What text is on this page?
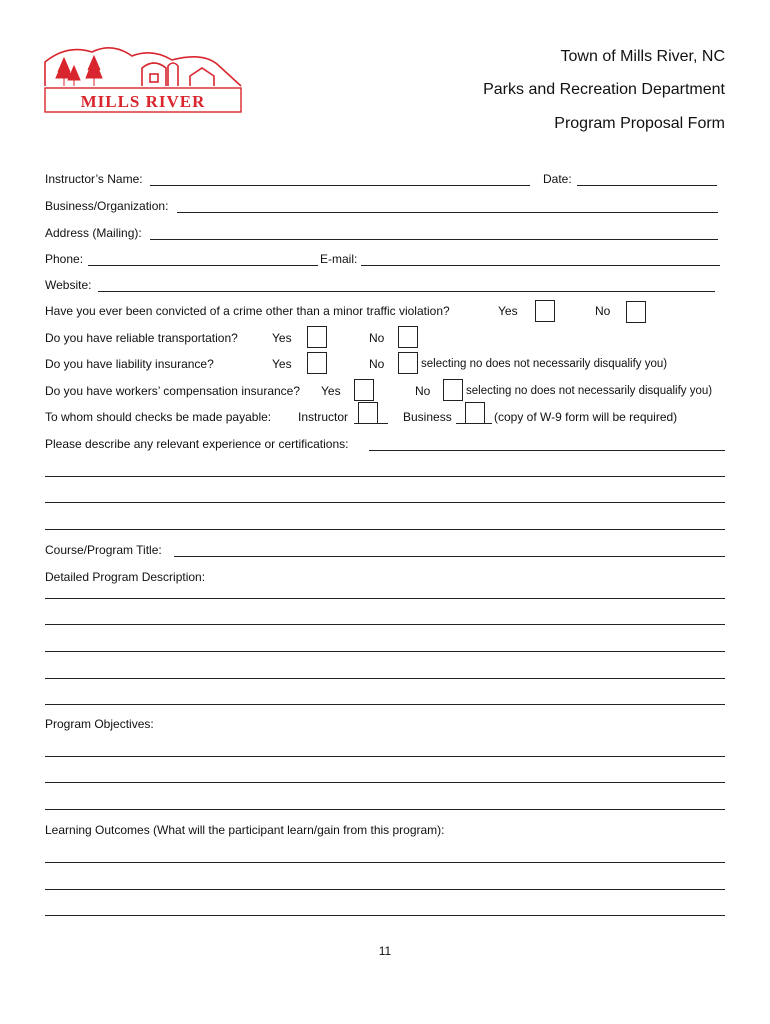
MILLS RIVER
Town of Mills River, NC
Parks and Recreation Department
Program Proposal Form
Instructor’s Name:	Date:
Business/Organization:
Address (Mailing):
Phone:	E-mail:
Website:
Have you ever been convicted of a crime other than a minor traffic violation?	Yes	No
Do you have reliable transportation?	Yes	No
Do you have liability insurance?	Yes	No	selecting no does not necessarily disqualify you)
Do you have workers’ compensation insurance? Yes	No	selecting no does not necessarily disqualify you)
To whom should checks be made payable: Instructor	Business	(copy of W-9 form will be required)
Please describe any relevant experience or certifications:
Course/Program Title:
Detailed Program Description:
Program Objectives:
Learning Outcomes (What will the participant learn/gain from this program):
11
